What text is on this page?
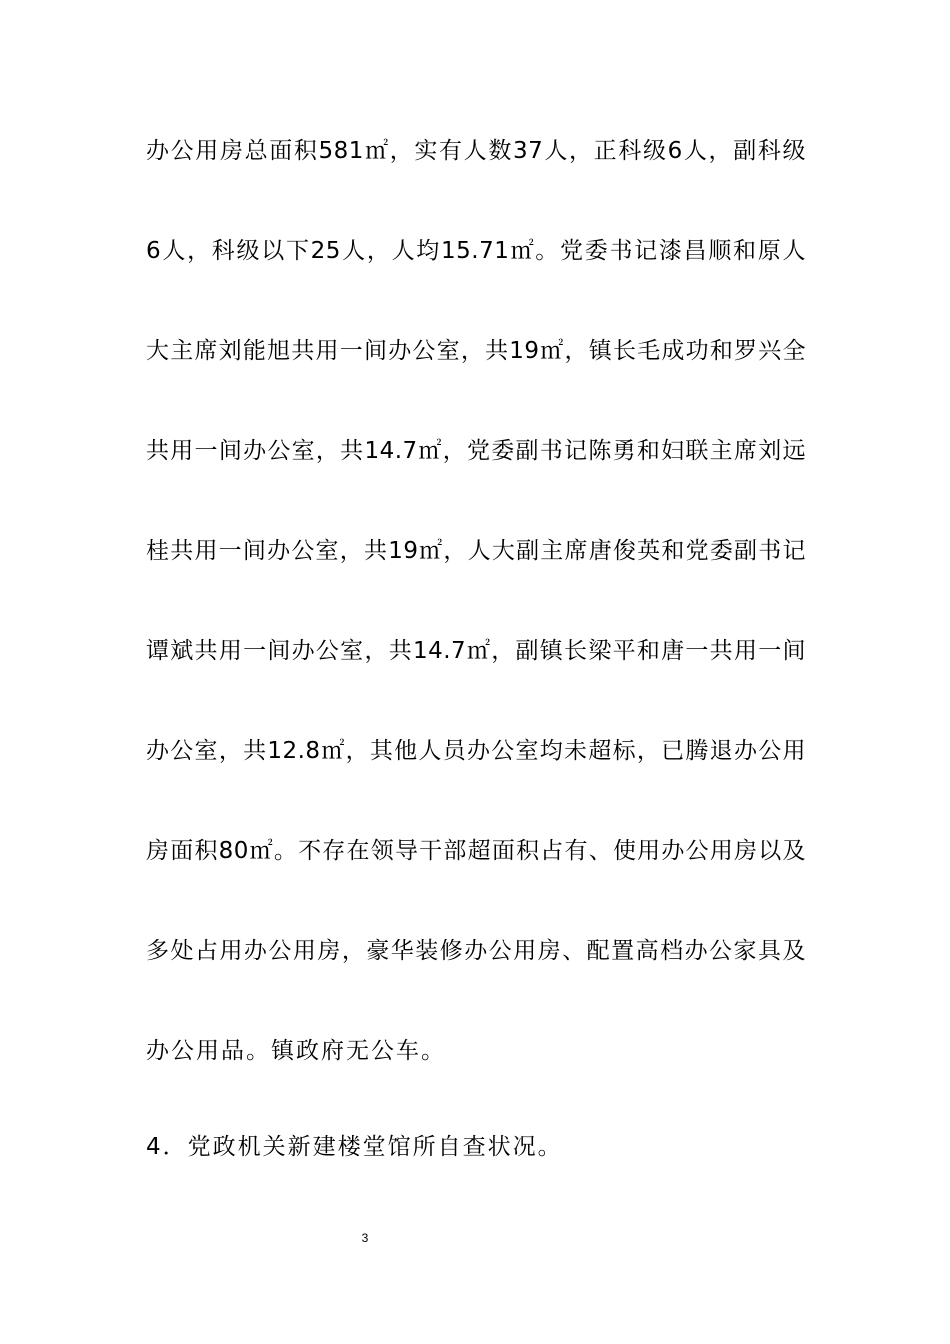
办公用房总面积581㎡，实有人数37人，正科级6人，副科级
6人，科级以下25人，人均15.71㎡。党委书记漆昌顺和原人
大主席刘能旭共用一间办公室，共19㎡，镇长毛成功和罗兴全
共用一间办公室，共14.7㎡，党委副书记陈勇和妇联主席刘远
桂共用一间办公室，共19㎡，人大副主席唐俊英和党委副书记
谭斌共用一间办公室，共14.7㎡，副镇长梁平和唐一共用一间
办公室，共12.8㎡，其他人员办公室均未超标，已腾退办公用
房面积80㎡。不存在领导干部超面积占有、使用办公用房以及
多处占用办公用房，豪华装修办公用房、配置高档办公家具及
办公用品。镇政府无公车。
4．党政机关新建楼堂馆所自查状况。
3
